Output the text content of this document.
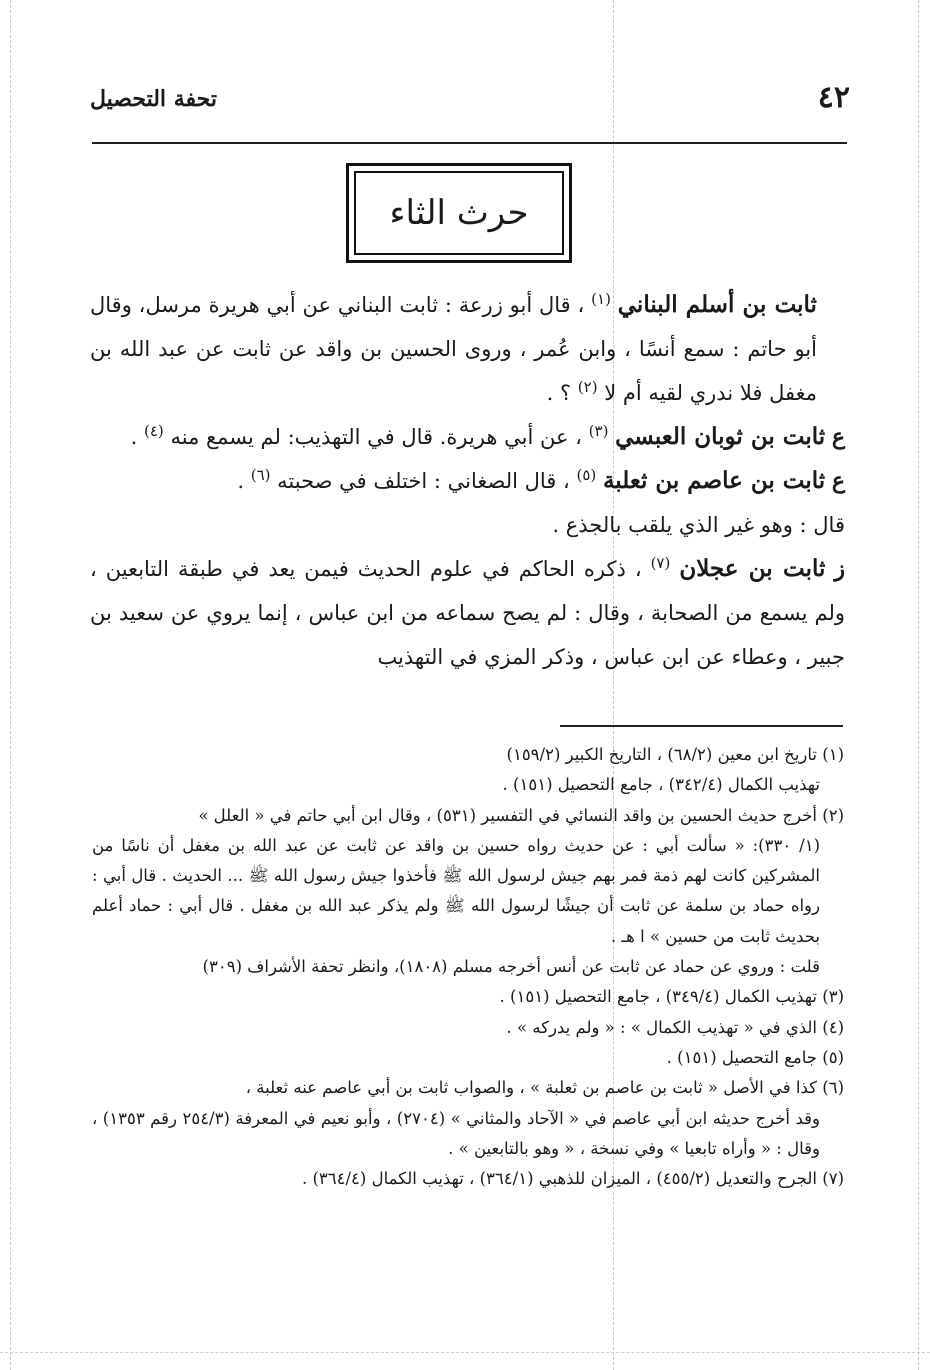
٤٢
تحفة التحصيل
حرث الثاء

ثابت بن أسلم البناني $^{(١)}$ ، قال أبو زرعة : ثابت البناني عن أبي هريرة مرسل، وقال أبو حاتم : سمع أنسًا ، وابن عُمر ، وروى الحسين بن واقد عن ثابت عن عبد الله بن مغفل فلا ندري لقيه أم لا $^{(٢)}$ ؟ .

ع ثابت بن ثوبان العبسي $^{(٣)}$ ، عن أبي هريرة. قال في التهذيب: لم يسمع منه $^{(٤)}$ .

ع ثابت بن عاصم بن ثعلبة $^{(٥)}$ ، قال الصغاني : اختلف في صحبته $^{(٦)}$ .

قال : وهو غير الذي يلقب بالجذع .

ز ثابت بن عجلان $^{(٧)}$ ، ذكره الحاكم في علوم الحديث فيمن يعد في طبقة التابعين ، ولم يسمع من الصحابة ، وقال : لم يصح سماعه من ابن عباس ، إنما يروي عن سعيد بن جبير ، وعطاء عن ابن عباس ، وذكر المزي في التهذيب

(١) تاريخ ابن معين (٦٨/٢) ، التاريخ الكبير (١٥٩/٢)

تهذيب الكمال (٣٤٢/٤) ، جامع التحصيل (١٥١) .

(٢) أخرج حديث الحسين بن واقد النسائي في التفسير (٥٣١) ، وقال ابن أبي حاتم في « العلل »

(١/ ٣٣٠): « سألت أبي : عن حديث رواه حسين بن واقد عن ثابت عن عبد الله بن مغفل أن ناسًا من المشركين كانت لهم ذمة فمر بهم جيش لرسول الله ﷺ فأخذوا جيش رسول الله ﷺ ... الحديث . قال أبي : رواه حماد بن سلمة عن ثابت أن جيشًا لرسول الله ﷺ ولم يذكر عبد الله بن مغفل . قال أبي : حماد أعلم بحديث ثابت من حسين » ا هـ .

قلت : وروي عن حماد عن ثابت عن أنس أخرجه مسلم (١٨٠٨)، وانظر تحفة الأشراف (٣٠٩)

(٣) تهذيب الكمال (٣٤٩/٤) ، جامع التحصيل (١٥١) .

(٤) الذي في « تهذيب الكمال » : « ولم يدركه » .

(٥) جامع التحصيل (١٥١) .

(٦) كذا في الأصل « ثابت بن عاصم بن ثعلبة » ، والصواب ثابت بن أبي عاصم عنه ثعلبة ،

وقد أخرج حديثه ابن أبي عاصم في « الآحاد والمثاني » (٢٧٠٤) ، وأبو نعيم في المعرفة (٢٥٤/٣ رقم ١٣٥٣) ، وقال : « وأراه تابعيا » وفي نسخة ، « وهو بالتابعين » .

(٧) الجرح والتعديل (٤٥٥/٢) ، الميزان للذهبي (٣٦٤/١) ، تهذيب الكمال (٣٦٤/٤) .
